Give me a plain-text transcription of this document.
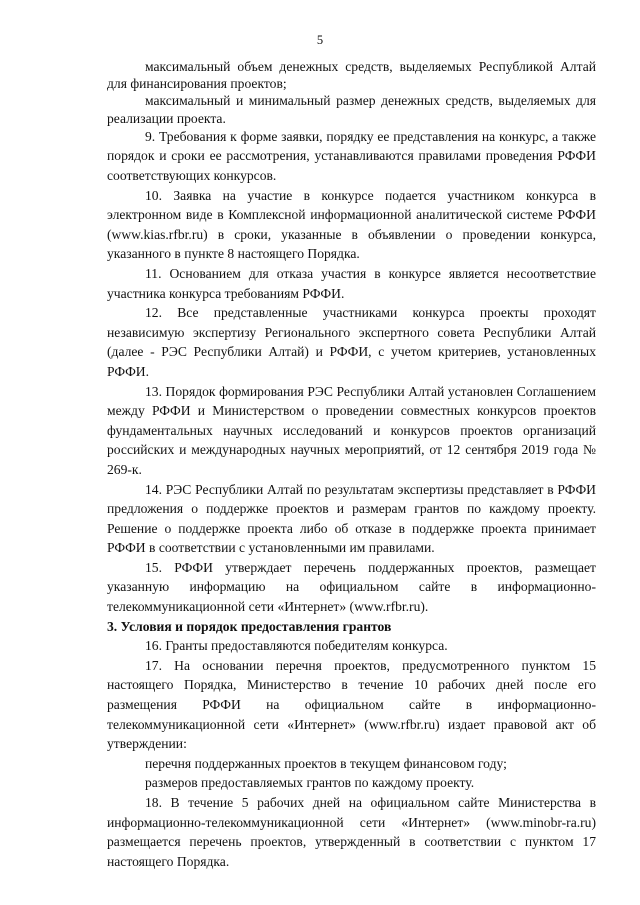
5

максимальный объем денежных средств, выделяемых Республикой Алтай для финансирования проектов;

максимальный и минимальный размер денежных средств, выделяемых для реализации проекта.

9. Требования к форме заявки, порядку ее представления на конкурс, а также порядок и сроки ее рассмотрения, устанавливаются правилами проведения РФФИ соответствующих конкурсов.

10. Заявка на участие в конкурсе подается участником конкурса в электронном виде в Комплексной информационной аналитической системе РФФИ (www.kias.rfbr.ru) в сроки, указанные в объявлении о проведении конкурса, указанного в пункте 8 настоящего Порядка.

11. Основанием для отказа участия в конкурсе является несоответствие участника конкурса требованиям РФФИ.

12. Все представленные участниками конкурса проекты проходят независимую экспертизу Регионального экспертного совета Республики Алтай (далее - РЭС Республики Алтай) и РФФИ, с учетом критериев, установленных РФФИ.

13. Порядок формирования РЭС Республики Алтай установлен Соглашением между РФФИ и Министерством о проведении совместных конкурсов проектов фундаментальных научных исследований и конкурсов проектов организаций российских и международных научных мероприятий, от 12 сентября 2019 года № 269-к.

14. РЭС Республики Алтай по результатам экспертизы представляет в РФФИ предложения о поддержке проектов и размерам грантов по каждому проекту. Решение о поддержке проекта либо об отказе в поддержке проекта принимает РФФИ в соответствии с установленными им правилами.

15. РФФИ утверждает перечень поддержанных проектов, размещает указанную информацию на официальном сайте в информационно-телекоммуникационной сети «Интернет» (www.rfbr.ru).

3. Условия и порядок предоставления грантов

16. Гранты предоставляются победителям конкурса.

17. На основании перечня проектов, предусмотренного пунктом 15 настоящего Порядка, Министерство в течение 10 рабочих дней после его размещения РФФИ на официальном сайте в информационно-телекоммуникационной сети «Интернет» (www.rfbr.ru) издает правовой акт об утверждении:

перечня поддержанных проектов в текущем финансовом году;

размеров предоставляемых грантов по каждому проекту.

18. В течение 5 рабочих дней на официальном сайте Министерства в информационно-телекоммуникационной сети «Интернет» (www.minobr-ra.ru) размещается перечень проектов, утвержденный в соответствии с пунктом 17 настоящего Порядка.
